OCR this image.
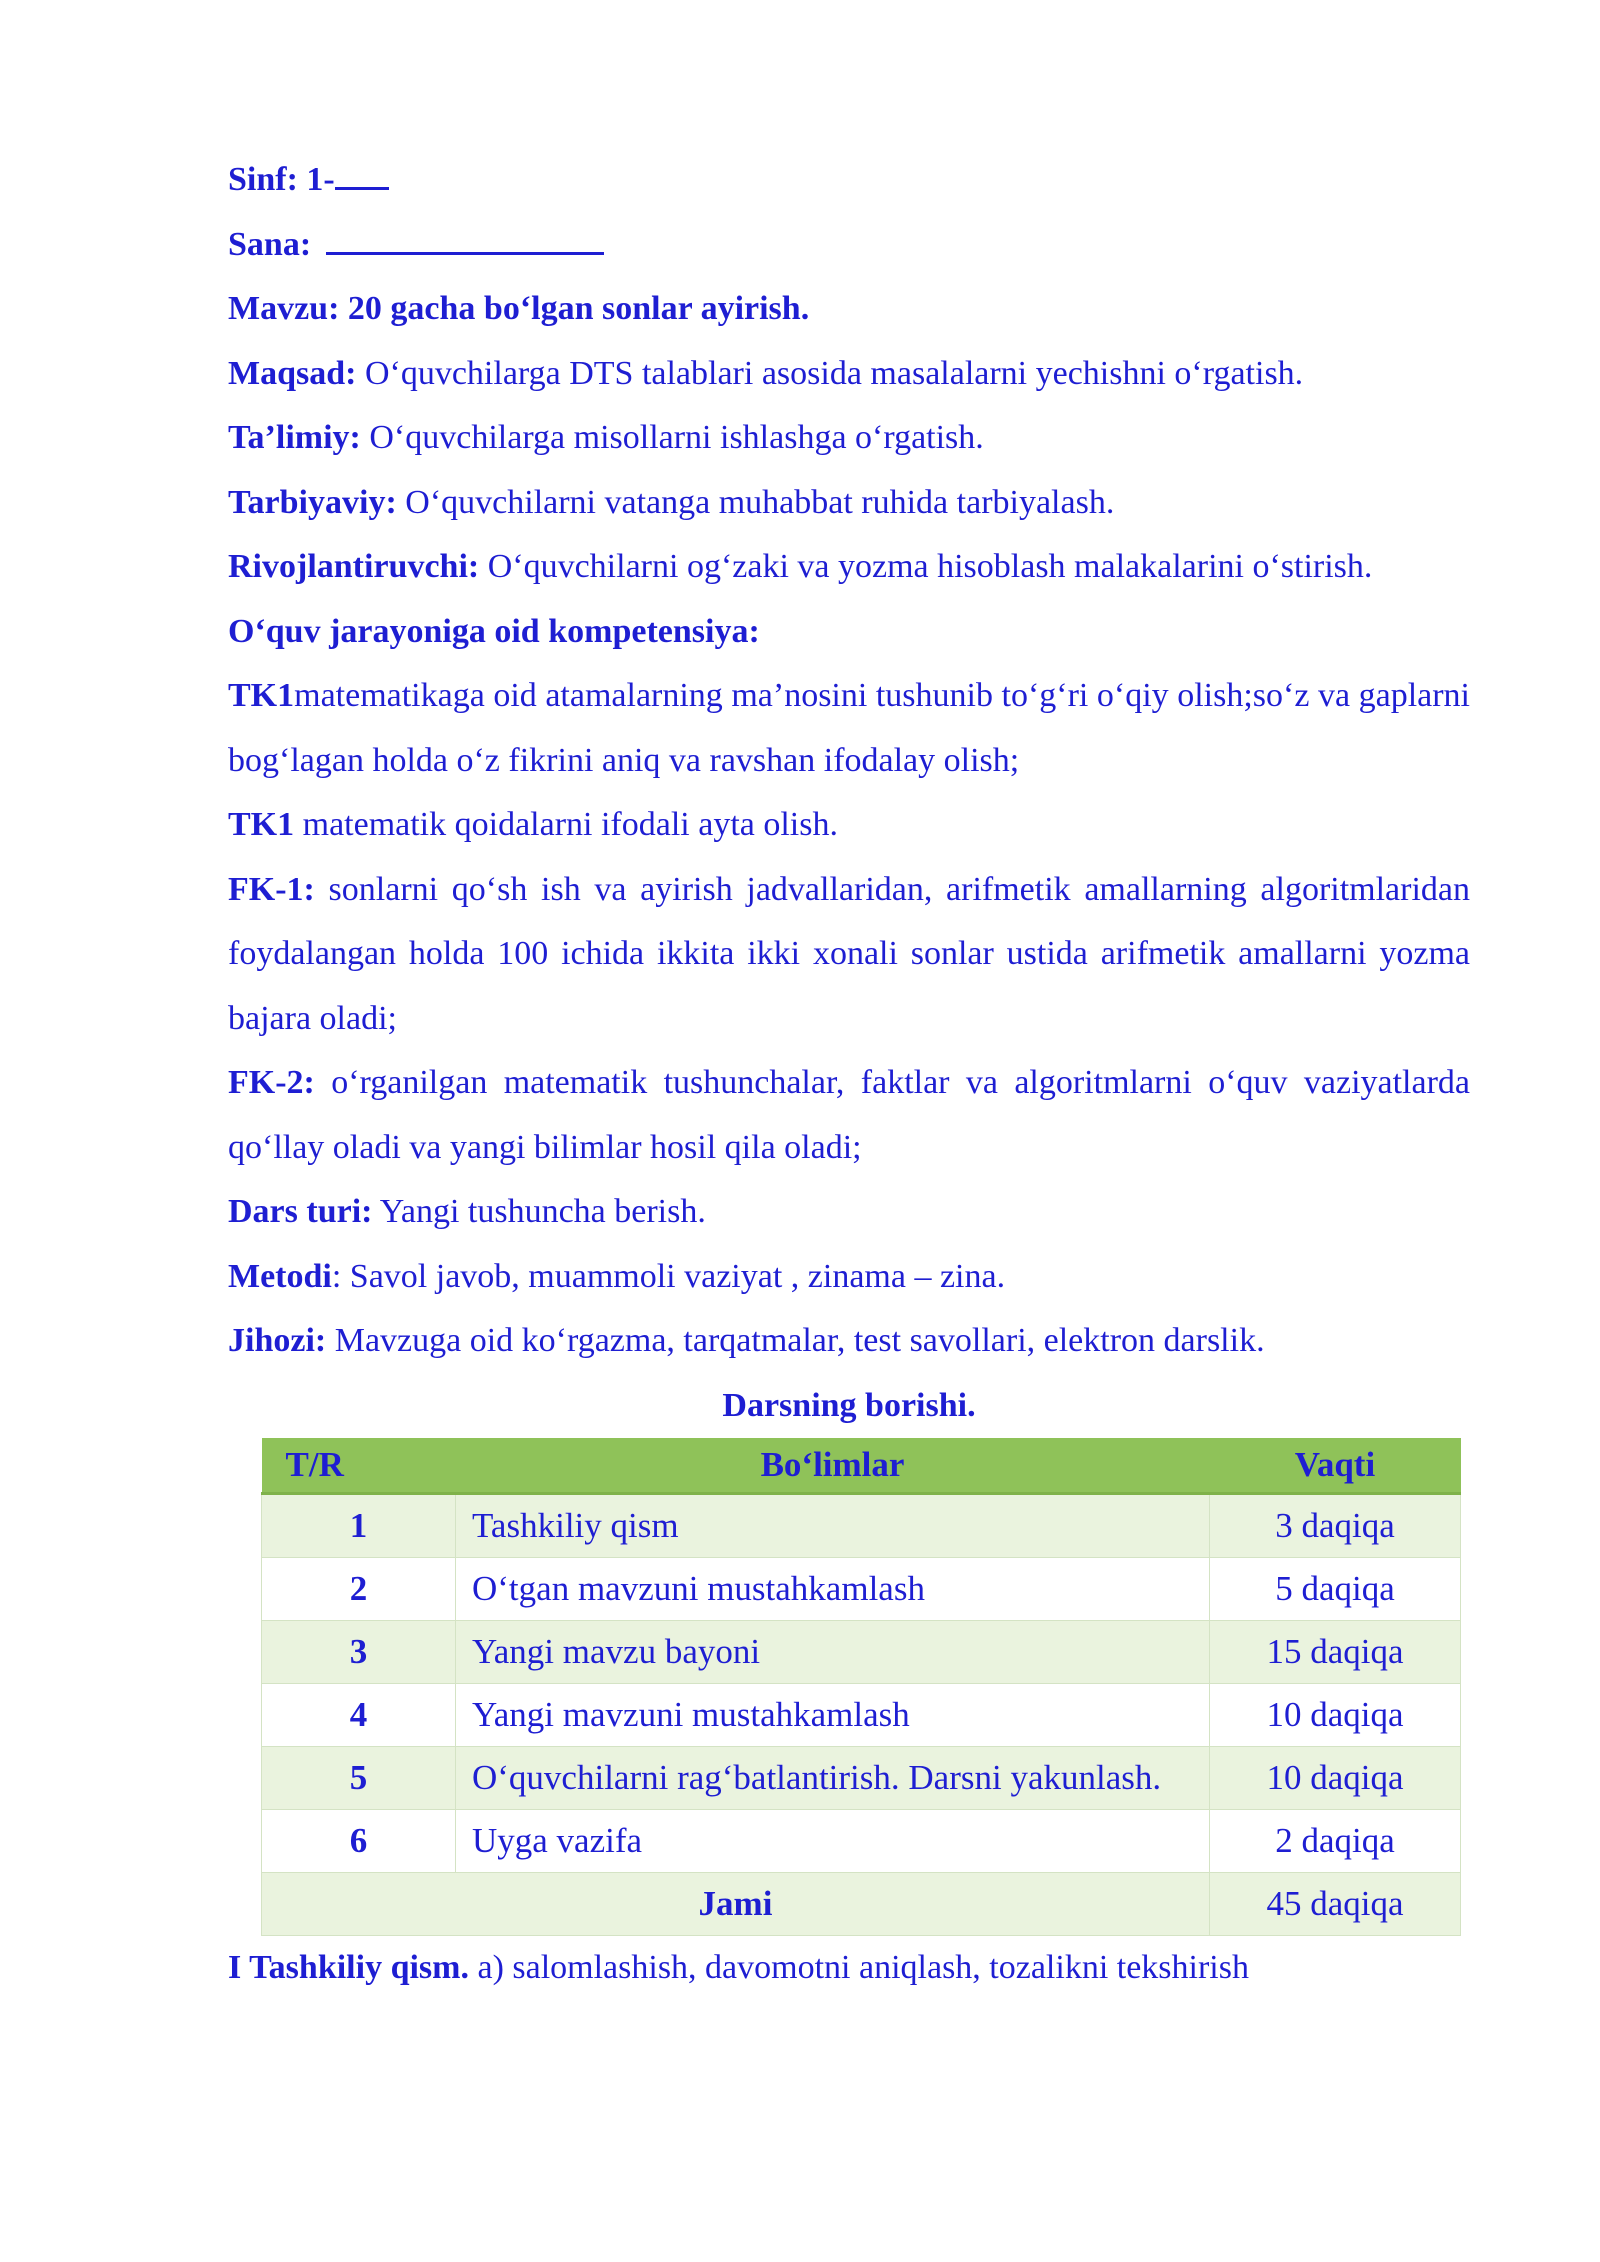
Sinf: 1-
Sana:
Mavzu: 20 gacha bo‘lgan sonlar ayirish.
Maqsad: O‘quvchilarga DTS talablari asosida masalalarni yechishni o‘rgatish.
Ta’limiy: O‘quvchilarga misollarni ishlashga o‘rgatish.
Tarbiyaviy: O‘quvchilarni vatanga muhabbat ruhida tarbiyalash.
Rivojlantiruvchi: O‘quvchilarni og‘zaki va yozma hisoblash malakalarini o‘stirish.
O‘quv jarayoniga oid kompetensiya:
TK1matematikaga oid atamalarning ma’nosini tushunib to‘g‘ri o‘qiy olish;so‘z va gaplarni bog‘lagan holda o‘z fikrini aniq va ravshan ifodalay olish;
TK1 matematik qoidalarni ifodali ayta olish.
FK-1: sonlarni qo‘sh ish va ayirish jadvallaridan, arifmetik amallarning algoritmlaridan foydalangan holda 100 ichida ikkita ikki xonali sonlar ustida arifmetik amallarni yozma bajara oladi;
FK-2: o‘rganilgan matematik tushunchalar, faktlar va algoritmlarni o‘quv vaziyatlarda qo‘llay oladi va yangi bilimlar hosil qila oladi;
Dars turi: Yangi tushuncha berish.
Metodi: Savol javob, muammoli vaziyat , zinama – zina.
Jihozi: Mavzuga oid ko‘rgazma, tarqatmalar, test savollari, elektron darslik.
Darsning borishi.
T/R	Bo‘limlar	Vaqti
1	Tashkiliy qism	3 daqiqa
2	O‘tgan mavzuni mustahkamlash	5 daqiqa
3	Yangi mavzu bayoni	15 daqiqa
4	Yangi mavzuni mustahkamlash	10 daqiqa
5	O‘quvchilarni rag‘batlantirish. Darsni yakunlash.	10 daqiqa
6	Uyga vazifa	2 daqiqa
Jami		45 daqiqa
I Tashkiliy qism. a) salomlashish, davomotni aniqlash, tozalikni tekshirish
